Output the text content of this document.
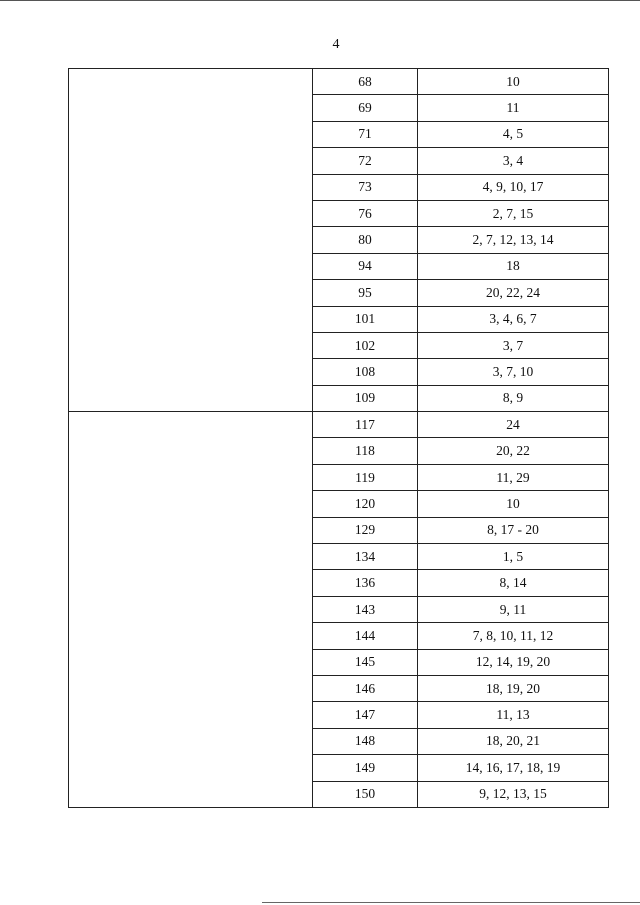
4
	68	10
	69	11
	71	4, 5
	72	3, 4
	73	4, 9, 10, 17
	76	2, 7, 15
	80	2, 7, 12, 13, 14
	94	18
	95	20, 22, 24
	101	3, 4, 6, 7
	102	3, 7
	108	3, 7, 10
	109	8, 9
	117	24
	118	20, 22
	119	11, 29
	120	10
	129	8, 17 - 20
	134	1, 5
	136	8, 14
	143	9, 11
	144	7, 8, 10, 11, 12
	145	12, 14, 19, 20
	146	18, 19, 20
	147	11, 13
	148	18, 20, 21
	149	14, 16, 17, 18, 19
	150	9, 12, 13, 15
